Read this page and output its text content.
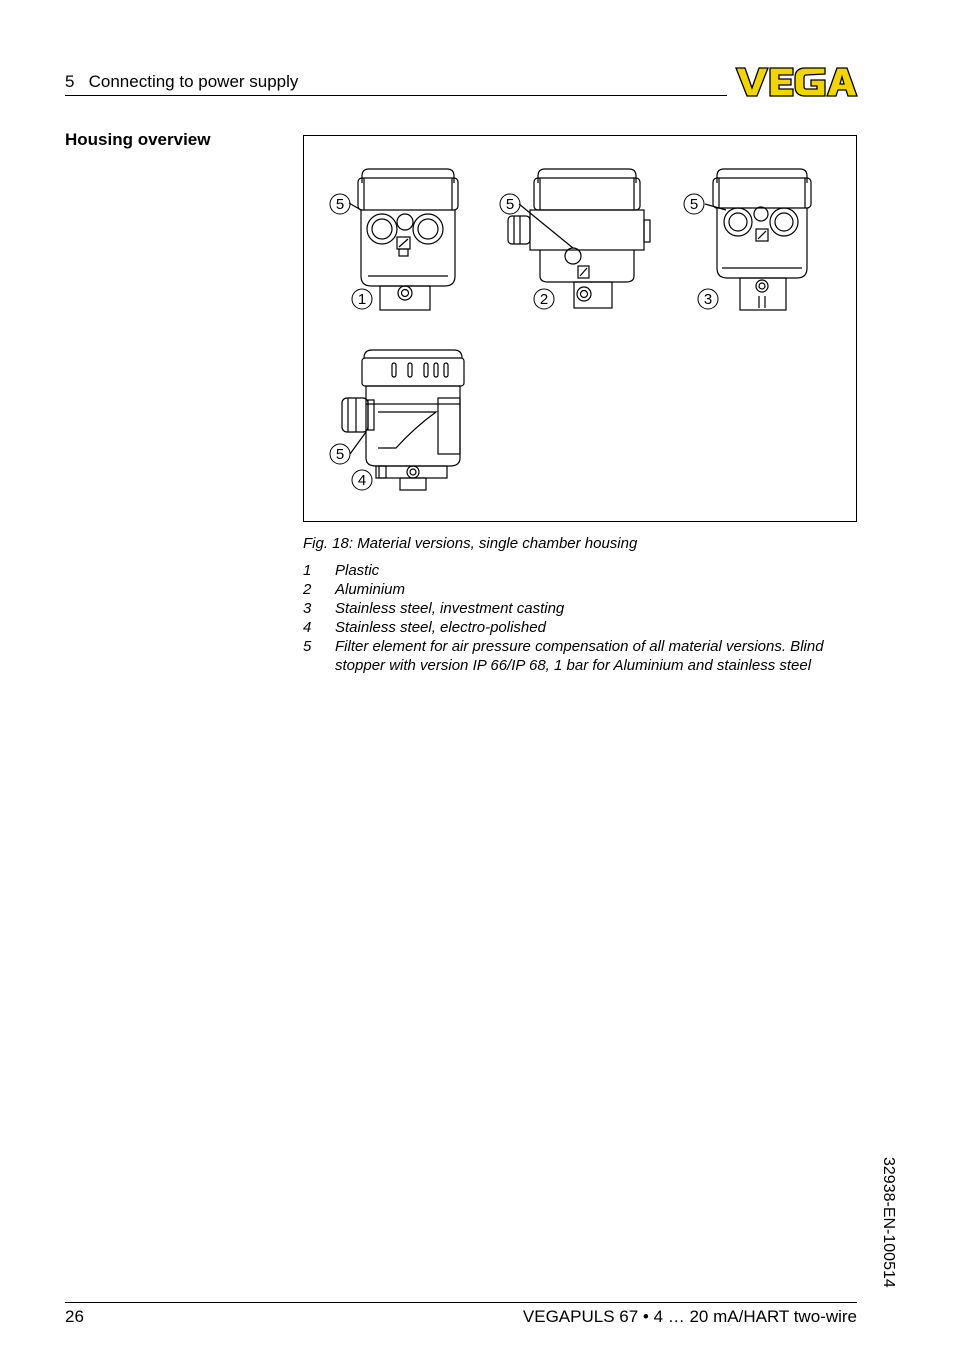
5   Connecting to power supply
Housing overview
5
1
5
2
5
3
5
4
Fig. 18: Material versions, single chamber housing
1	Plastic
2	Aluminium
3	Stainless steel, investment casting
4	Stainless steel, electro-polished
5	Filter element for air pressure compensation of all material versions. Blind stopper with version IP 66/IP 68, 1 bar for Aluminium and stainless steel
32938-EN-100514
26	VEGAPULS 67 • 4 … 20 mA/HART two-wire
